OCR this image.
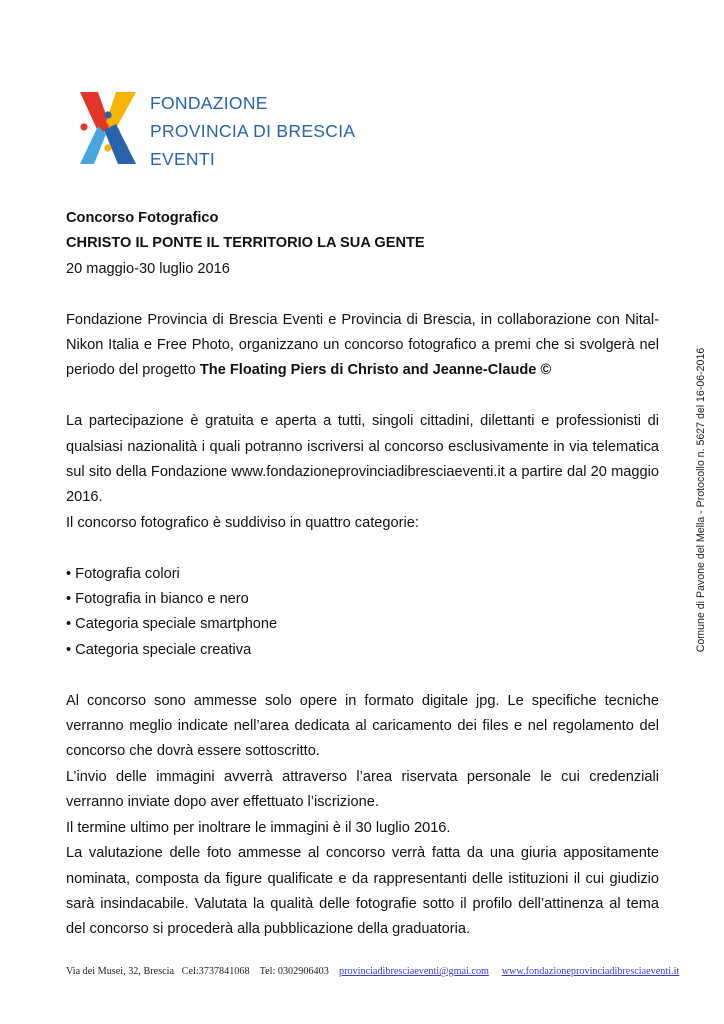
FONDAZIONE
PROVINCIA DI BRESCIA
EVENTI

Concorso Fotografico

CHRISTO IL PONTE IL TERRITORIO LA SUA GENTE

20 maggio-30 luglio 2016

Fondazione Provincia di Brescia Eventi e Provincia di Brescia, in collaborazione con Nital-Nikon Italia e Free Photo, organizzano un concorso fotografico a premi che si svolgerà nel periodo del progetto The Floating Piers di Christo and Jeanne-Claude ©

La partecipazione è gratuita e aperta a tutti, singoli cittadini, dilettanti e professionisti di qualsiasi nazionalità i quali potranno iscriversi al concorso esclusivamente in via telematica sul sito della Fondazione www.fondazioneprovinciadibresciaeventi.it a partire dal 20 maggio 2016.

Il concorso fotografico è suddiviso in quattro categorie:

• Fotografia colori

• Fotografia in bianco e nero

• Categoria speciale smartphone

• Categoria speciale creativa

Al concorso sono ammesse solo opere in formato digitale jpg. Le specifiche tecniche verranno meglio indicate nell’area dedicata al caricamento dei files e nel regolamento del concorso che dovrà essere sottoscritto.

L’invio delle immagini avverrà attraverso l’area riservata personale le cui credenziali verranno inviate dopo aver effettuato l’iscrizione.

Il termine ultimo per inoltrare le immagini è il 30 luglio 2016.

La valutazione delle foto ammesse al concorso verrà fatta da una giuria appositamente nominata, composta da figure qualificate e da rappresentanti delle istituzioni il cui giudizio sarà insindacabile. Valutata la qualità delle fotografie sotto il profilo dell’attinenza al tema del concorso si procederà alla pubblicazione della graduatoria.

Via dei Musei, 32, Brescia Cel:3737841068 Tel: 0302906403 provinciadibresciaeventi@gmai.com www.fondazioneprovinciadibresciaeventi.it
Comune di Pavone del Mella - Protocollo n. 5627 del 16-06-2016
